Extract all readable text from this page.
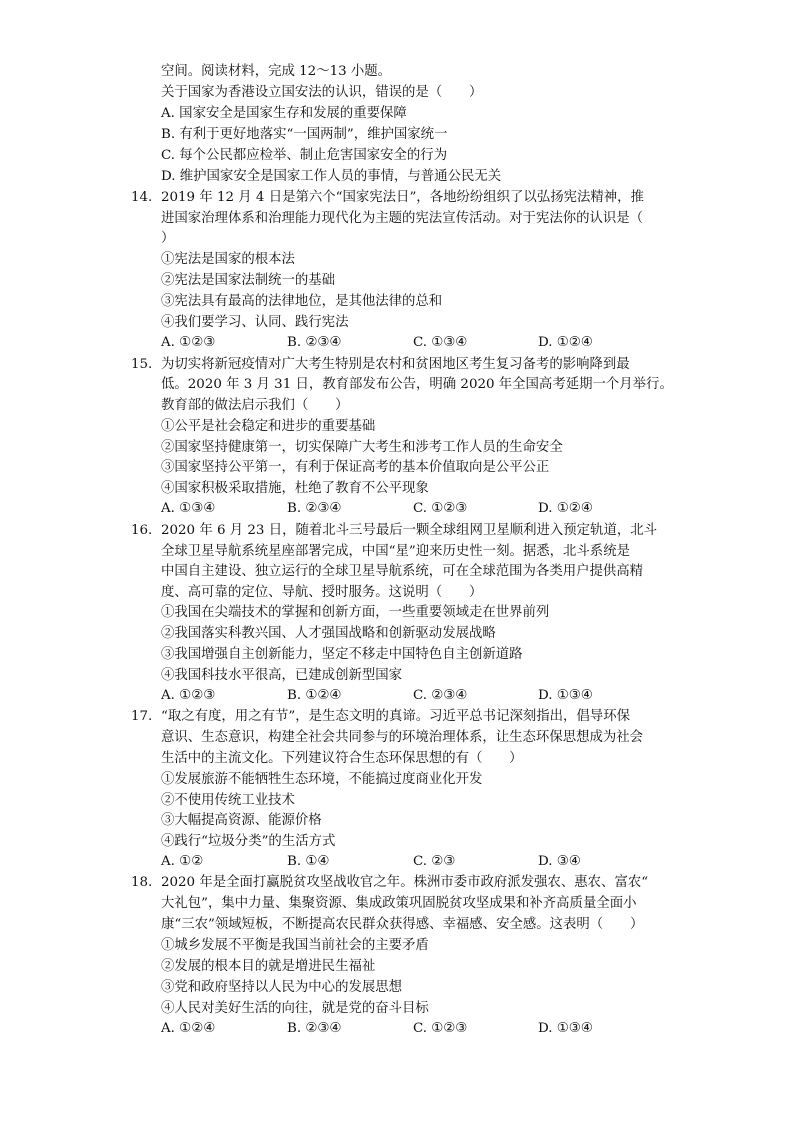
空间。阅读材料，完成 12～13 小题。
关于国家为香港设立国安法的认识，错误的是（　　）
A. 国家安全是国家生存和发展的重要保障
B. 有利于更好地落实“一国两制”，维护国家统一
C. 每个公民都应检举、制止危害国家安全的行为
D. 维护国家安全是国家工作人员的事情，与普通公民无关
14. 2019 年 12 月 4 日是第六个“国家宪法日”，各地纷纷组织了以弘扬宪法精神，推
进国家治理体系和治理能力现代化为主题的宪法宣传活动。对于宪法你的认识是（
）
①宪法是国家的根本法
②宪法是国家法制统一的基础
③宪法具有最高的法律地位，是其他法律的总和
④我们要学习、认同、践行宪法
A. ①②③	B. ②③④	C. ①③④	D. ①②④
15. 为切实将新冠疫情对广大考生特别是农村和贫困地区考生复习备考的影响降到最
低。2020 年 3 月 31 日，教育部发布公告，明确 2020 年全国高考延期一个月举行。
教育部的做法启示我们（　　）
①公平是社会稳定和进步的重要基础
②国家坚持健康第一，切实保障广大考生和涉考工作人员的生命安全
③国家坚持公平第一，有利于保证高考的基本价值取向是公平公正
④国家积极采取措施，杜绝了教育不公平现象
A. ①③④	B. ②③④	C. ①②③	D. ①②④
16. 2020 年 6 月 23 日，随着北斗三号最后一颗全球组网卫星顺利进入预定轨道，北斗
全球卫星导航系统星座部署完成，中国“星”迎来历史性一刻。据悉，北斗系统是
中国自主建设、独立运行的全球卫星导航系统，可在全球范围为各类用户提供高精
度、高可靠的定位、导航、授时服务。这说明（　　）
①我国在尖端技术的掌握和创新方面，一些重要领域走在世界前列
②我国落实科教兴国、人才强国战略和创新驱动发展战略
③我国增强自主创新能力，坚定不移走中国特色自主创新道路
④我国科技水平很高，已建成创新型国家
A. ①②③	B. ①②④	C. ②③④	D. ①③④
17. “取之有度，用之有节”，是生态文明的真谛。习近平总书记深刻指出，倡导环保
意识、生态意识，构建全社会共同参与的环境治理体系，让生态环保思想成为社会
生活中的主流文化。下列建议符合生态环保思想的有（　　）
①发展旅游不能牺牲生态环境，不能搞过度商业化开发
②不使用传统工业技术
③大幅提高资源、能源价格
④践行“垃圾分类”的生活方式
A. ①②	B. ①④	C. ②③	D. ③④
18. 2020 年是全面打赢脱贫攻坚战收官之年。株洲市委市政府派发强农、惠农、富农“
大礼包”，集中力量、集聚资源、集成政策巩固脱贫攻坚成果和补齐高质量全面小
康“三农”领域短板，不断提高农民群众获得感、幸福感、安全感。这表明（　　）
①城乡发展不平衡是我国当前社会的主要矛盾
②发展的根本目的就是增进民生福祉
③党和政府坚持以人民为中心的发展思想
④人民对美好生活的向往，就是党的奋斗目标
A. ①②④	B. ②③④	C. ①②③	D. ①③④
